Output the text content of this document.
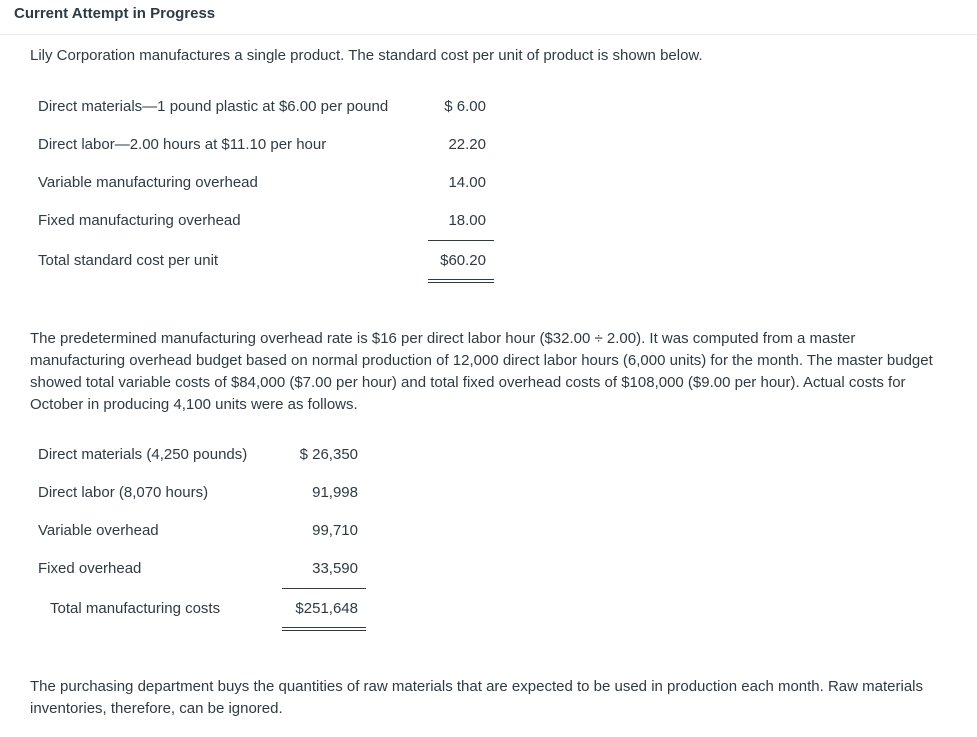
Current Attempt in Progress
Lily Corporation manufactures a single product. The standard cost per unit of product is shown below.
Direct materials—1 pound plastic at $6.00 per pound	$ 6.00
Direct labor—2.00 hours at $11.10 per hour	22.20
Variable manufacturing overhead	14.00
Fixed manufacturing overhead	18.00
Total standard cost per unit	$60.20
The predetermined manufacturing overhead rate is $16 per direct labor hour ($32.00 ÷ 2.00). It was computed from a master manufacturing overhead budget based on normal production of 12,000 direct labor hours (6,000 units) for the month. The master budget showed total variable costs of $84,000 ($7.00 per hour) and total fixed overhead costs of $108,000 ($9.00 per hour). Actual costs for October in producing 4,100 units were as follows.
Direct materials (4,250 pounds)	$ 26,350
Direct labor (8,070 hours)	91,998
Variable overhead	99,710
Fixed overhead	33,590
Total manufacturing costs	$251,648
The purchasing department buys the quantities of raw materials that are expected to be used in production each month. Raw materials inventories, therefore, can be ignored.
